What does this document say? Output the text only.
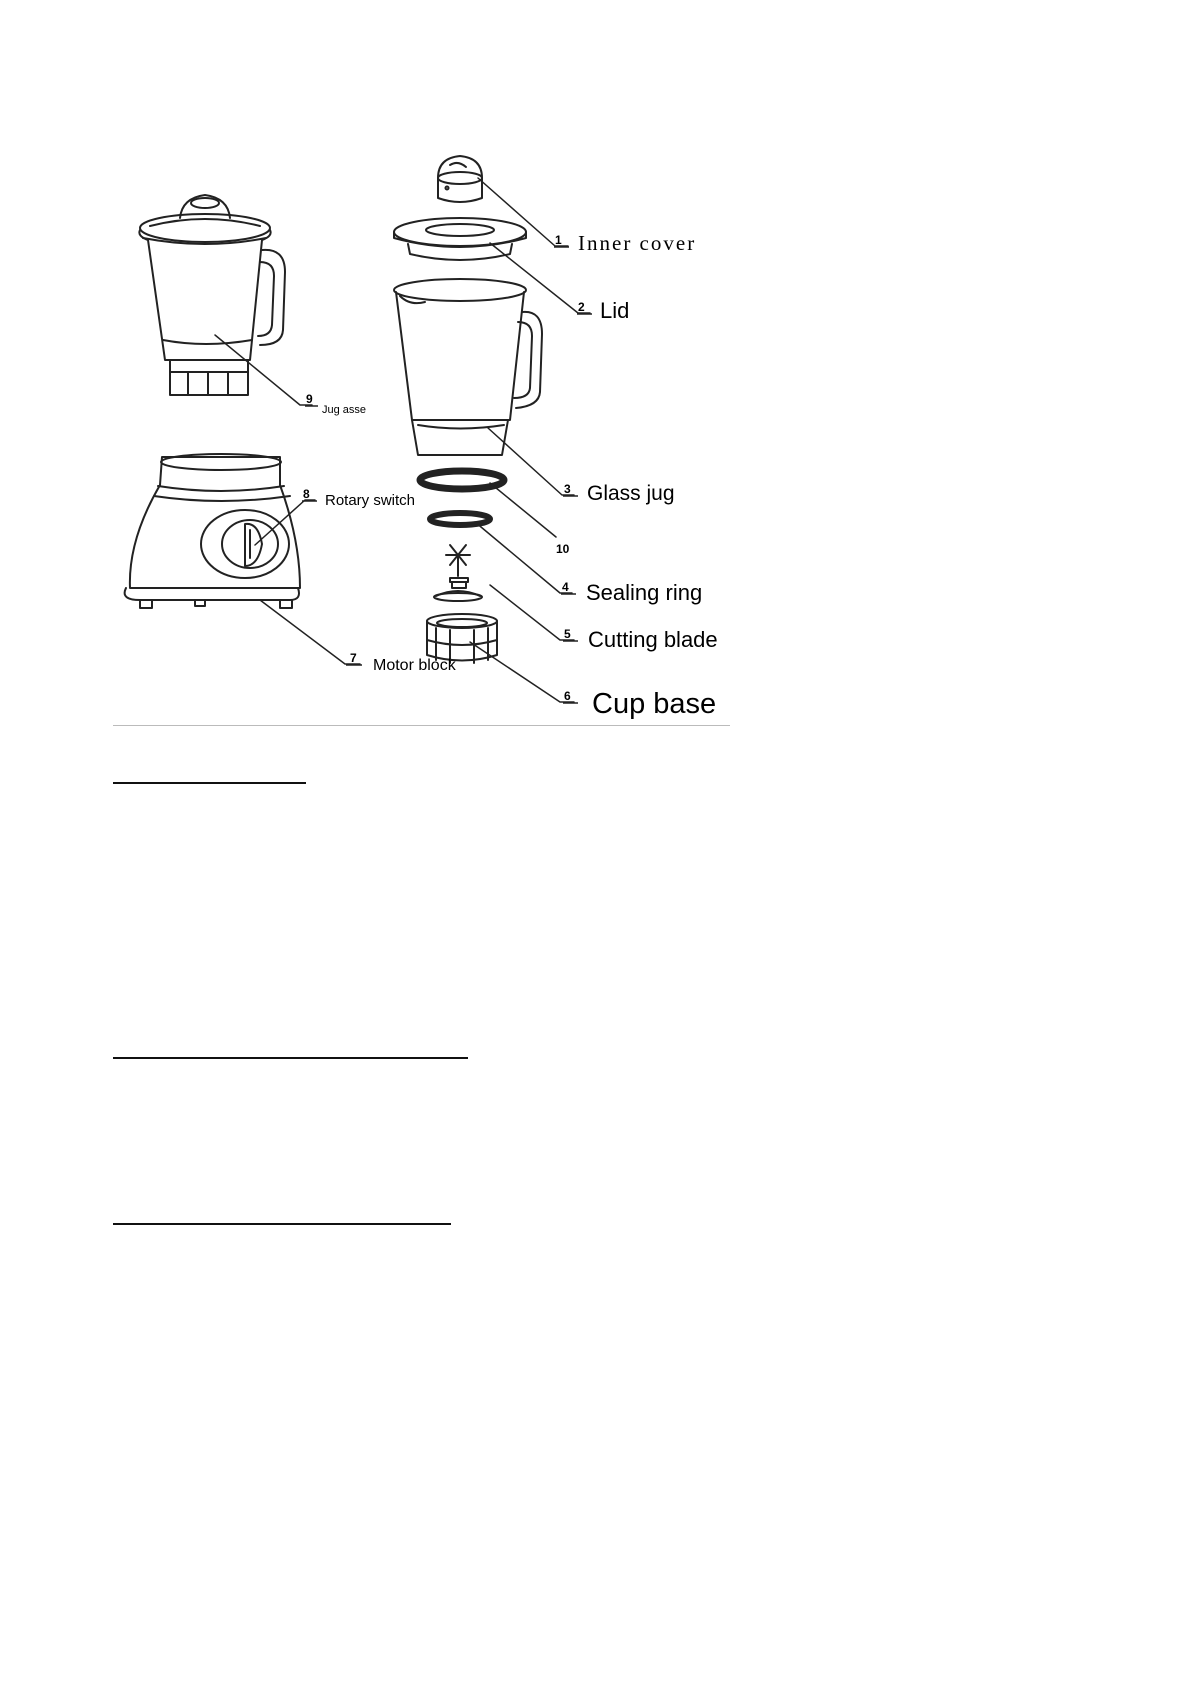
1 Inner cover
2 Lid
3 Glass jug
10
4 Sealing ring
5 Cutting blade
6 Cup base
7 Motor block
8 Rotary switch
9
Jug asse
